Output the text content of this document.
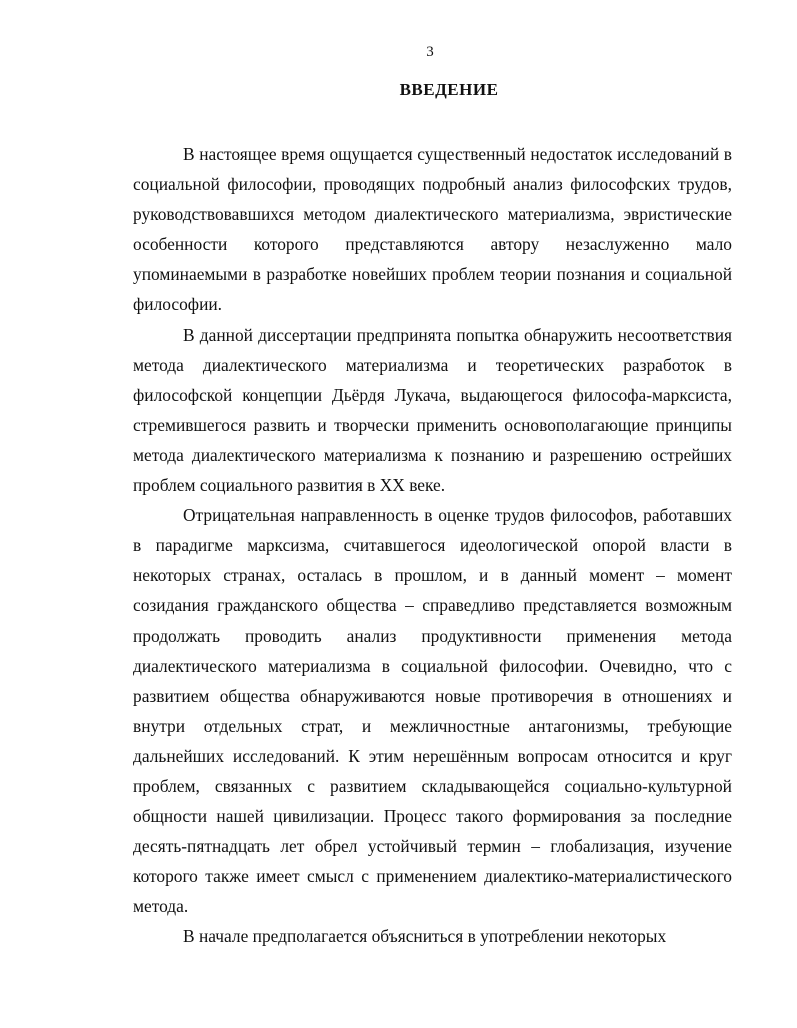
3
ВВЕДЕНИЕ

В настоящее время ощущается существенный недостаток исследований в социальной философии, проводящих подробный анализ философских трудов, руководствовавшихся методом диалектического материализма, эвристические особенности которого представляются автору незаслуженно мало упоминаемыми в разработке новейших проблем теории познания и социальной философии.

В данной диссертации предпринята попытка обнаружить несоответствия метода диалектического материализма и теоретических разработок в философской концепции Дьёрдя Лукача, выдающегося философа-марксиста, стремившегося развить и творчески применить основополагающие принципы метода диалектического материализма к познанию и разрешению острейших проблем социального развития в XX веке.

Отрицательная направленность в оценке трудов философов, работавших в парадигме марксизма, считавшегося идеологической опорой власти в некоторых странах, осталась в прошлом, и в данный момент – момент созидания гражданского общества – справедливо представляется возможным продолжать проводить анализ продуктивности применения метода диалектического материализма в социальной философии. Очевидно, что с развитием общества обнаруживаются новые противоречия в отношениях и внутри отдельных страт, и межличностные антагонизмы, требующие дальнейших исследований. К этим нерешённым вопросам относится и круг проблем, связанных с развитием складывающейся социально-культурной общности нашей цивилизации. Процесс такого формирования за последние десять-пятнадцать лет обрел устойчивый термин – глобализация, изучение которого также имеет смысл с применением диалектико-материалистического метода.

В начале предполагается объясниться в употреблении некоторых
